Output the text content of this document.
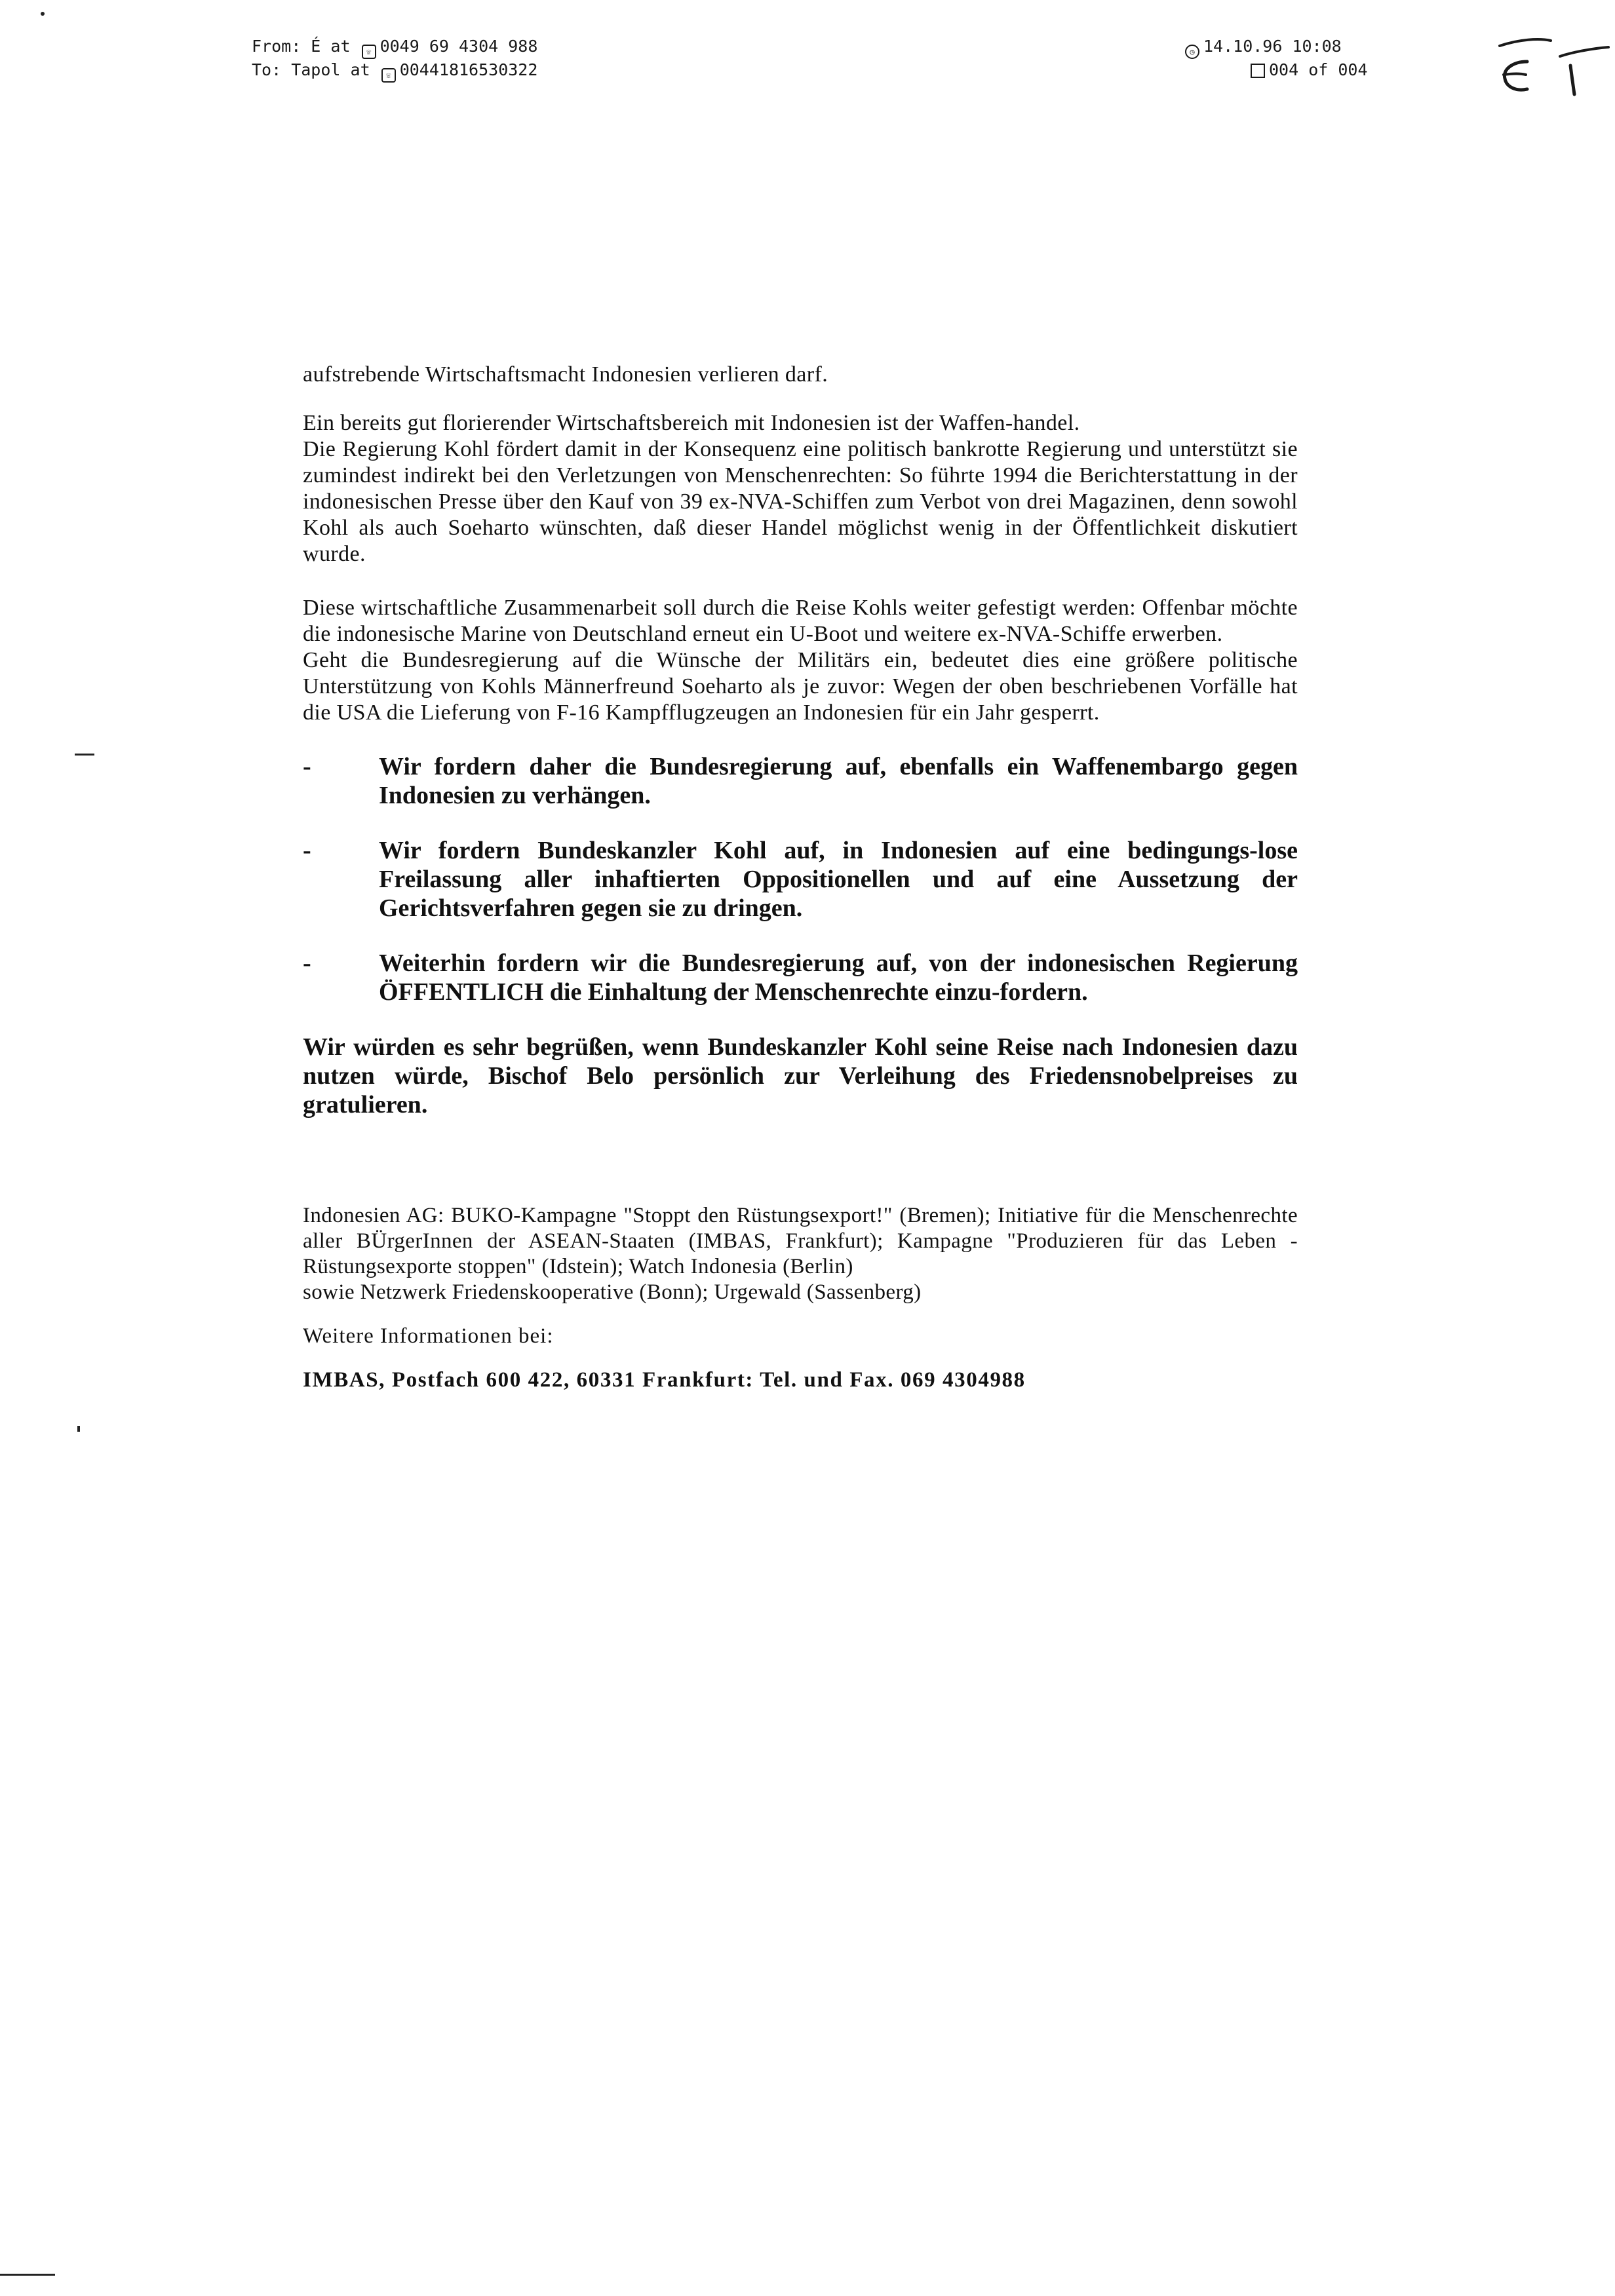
From: É at ☏ 0049 69 4304 988
To: Tapol at ☏ 00441816530322
◷ 14.10.96 10:08
004 of 004

aufstrebende Wirtschaftsmacht Indonesien verlieren darf.

Ein bereits gut florierender Wirtschaftsbereich mit Indonesien ist der Waffen-handel.

Die Regierung Kohl fördert damit in der Konsequenz eine politisch bankrotte Regierung und unterstützt sie zumindest indirekt bei den Verletzungen von Menschenrechten: So führte 1994 die Berichterstattung in der indonesischen Presse über den Kauf von 39 ex-NVA-Schiffen zum Verbot von drei Magazinen, denn sowohl Kohl als auch Soeharto wünschten, daß dieser Handel möglichst wenig in der Öffentlichkeit diskutiert wurde.

Diese wirtschaftliche Zusammenarbeit soll durch die Reise Kohls weiter gefestigt werden: Offenbar möchte die indonesische Marine von Deutschland erneut ein U-Boot und weitere ex-NVA-Schiffe erwerben.

Geht die Bundesregierung auf die Wünsche der Militärs ein, bedeutet dies eine größere politische Unterstützung von Kohls Männerfreund Soeharto als je zuvor: Wegen der oben beschriebenen Vorfälle hat die USA die Lieferung von F-16 Kampfflugzeugen an Indonesien für ein Jahr gesperrt.

-	Wir fordern daher die Bundesregierung auf, ebenfalls ein Waffenembargo gegen Indonesien zu verhängen.
-	Wir fordern Bundeskanzler Kohl auf, in Indonesien auf eine bedingungs-lose Freilassung aller inhaftierten Oppositionellen und auf eine Aussetzung der Gerichtsverfahren gegen sie zu dringen.
-	Weiterhin fordern wir die Bundesregierung auf, von der indonesischen Regierung ÖFFENTLICH die Einhaltung der Menschenrechte einzu-fordern.

Wir würden es sehr begrüßen, wenn Bundeskanzler Kohl seine Reise nach Indonesien dazu nutzen würde, Bischof Belo persönlich zur Verleihung des Friedensnobelpreises zu gratulieren.

Indonesien AG: BUKO-Kampagne "Stoppt den Rüstungsexport!" (Bremen); Initiative für die Menschenrechte aller BÜrgerInnen der ASEAN-Staaten (IMBAS, Frankfurt); Kampagne "Produzieren für das Leben - Rüstungsexporte stoppen" (Idstein); Watch Indonesia (Berlin)
sowie Netzwerk Friedenskooperative (Bonn); Urgewald (Sassenberg)

Weitere Informationen bei:

IMBAS, Postfach 600 422, 60331 Frankfurt: Tel. und Fax. 069 4304988
